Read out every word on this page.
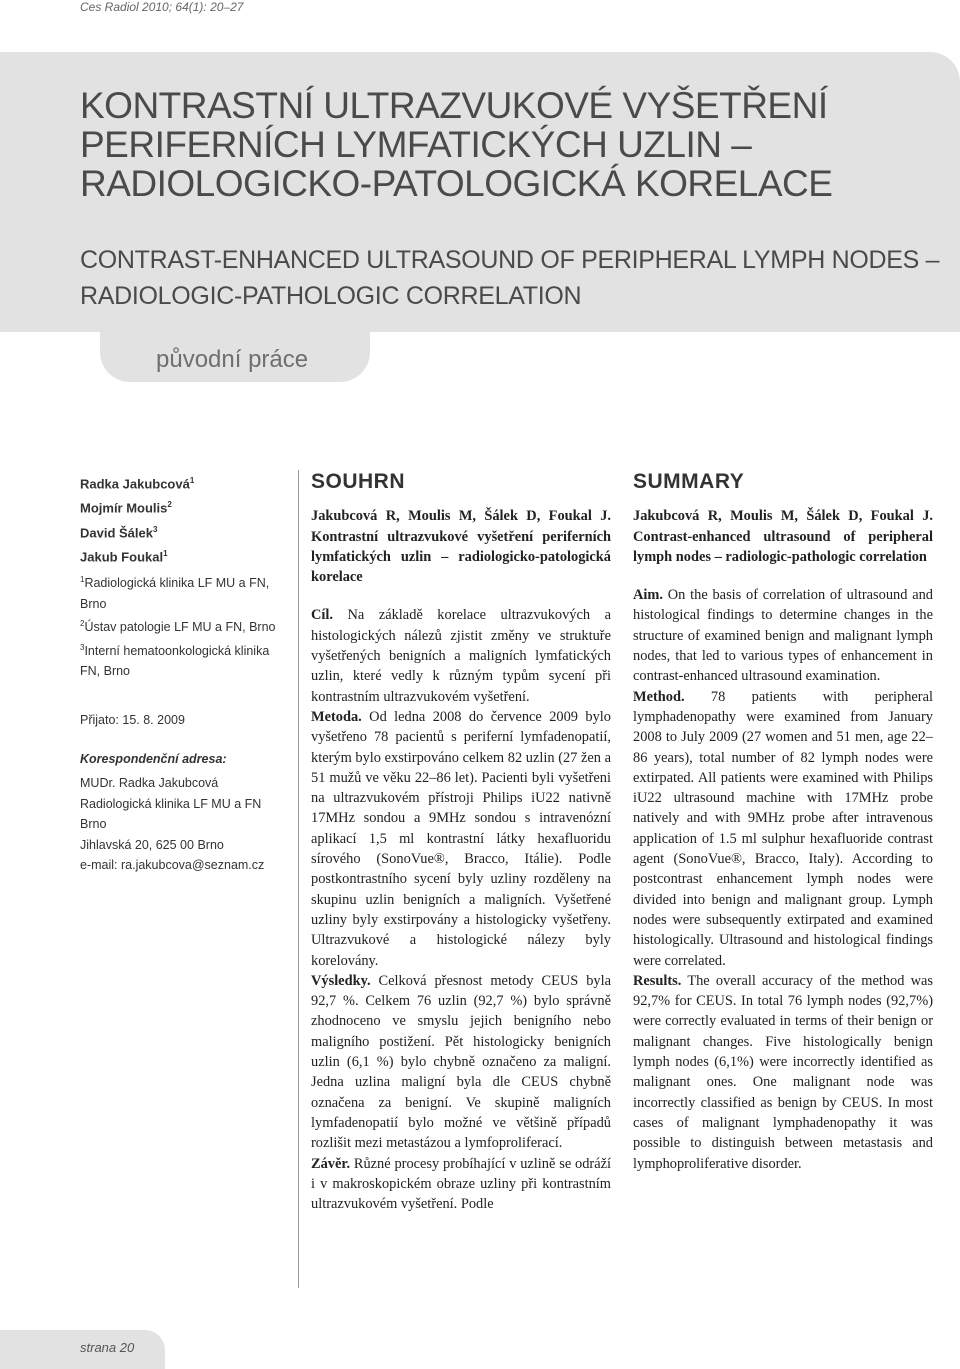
Ces Radiol 2010; 64(1): 20–27
původní práce
KONTRASTNÍ ULTRAZVUKOVÉ VYŠETŘENÍ
PERIFERNÍCH LYMFATICKÝCH UZLIN –
RADIOLOGICKO-PATOLOGICKÁ KORELACE
CONTRAST-ENHANCED ULTRASOUND OF PERIPHERAL LYMPH NODES –
RADIOLOGIC-PATHOLOGIC CORRELATION
Radka Jakubcová$^1$
Mojmír Moulis$^2$
David Šálek$^3$
Jakub Foukal$^1$

$^1$Radiologická klinika LF MU a FN, Brno

$^2$Ústav patologie LF MU a FN, Brno

$^3$Interní hematoonkologická klinika FN, Brno

Přijato: 15. 8. 2009
Korespondenční adresa:
MUDr. Radka Jakubcová
Radiologická klinika LF MU a FN
Brno
Jihlavská 20, 625 00 Brno
e-mail: ra.jakubcova@seznam.cz
SOUHRN
Jakubcová R, Moulis M, Šálek D, Foukal J. Kontrastní ultrazvukové vyšetření periferních lymfatických uzlin – radiologicko-patologická korelace

Cíl. Na základě korelace ultrazvukových a histologických nálezů zjistit změny ve struktuře vyšetřených benigních a maligních lymfatických uzlin, které vedly k různým typům sycení při kontrastním ultrazvukovém vyšetření.

Metoda. Od ledna 2008 do července 2009 bylo vyšetřeno 78 pacientů s periferní lymfadenopatií, kterým bylo exstirpováno celkem 82 uzlin (27 žen a 51 mužů ve věku 22–86 let). Pacienti byli vyšetřeni na ultrazvukovém přístroji Philips iU22 nativně 17MHz sondou a 9MHz sondou s intravenózní aplikací 1,5 ml kontrastní látky hexafluoridu sírového (SonoVue®, Bracco, Itálie). Podle postkontrastního sycení byly uzliny rozděleny na skupinu uzlin benigních a maligních. Vyšetřené uzliny byly exstirpovány a histologicky vyšetřeny. Ultrazvukové a histologické nálezy byly korelovány.

Výsledky. Celková přesnost metody CEUS byla 92,7 %. Celkem 76 uzlin (92,7 %) bylo správně zhodnoceno ve smyslu jejich benigního nebo maligního postižení. Pět histologicky benigních uzlin (6,1 %) bylo chybně označeno za maligní. Jedna uzlina maligní byla dle CEUS chybně označena za benigní. Ve skupině maligních lymfadenopatií bylo možné ve většině případů rozlišit mezi metastázou a lymfoproliferací.

Závěr. Různé procesy probíhající v uzlině se odráží i v makroskopickém obraze uzliny při kontrastním ultrazvukovém vyšetření. Podle

SUMMARY
Jakubcová R, Moulis M, Šálek D, Foukal J. Contrast-enhanced ultrasound of peripheral lymph nodes – radiologic-pathologic correlation

Aim. On the basis of correlation of ultrasound and histological findings to determine changes in the structure of examined benign and malignant lymph nodes, that led to various types of enhancement in contrast-enhanced ultrasound examination.

Method. 78 patients with peripheral lymphadenopathy were examined from January 2008 to July 2009 (27 women and 51 men, age 22–86 years), total number of 82 lymph nodes were extirpated. All patients were examined with Philips iU22 ultrasound machine with 17MHz probe natively and with 9MHz probe after intravenous application of 1.5 ml sulphur hexafluoride contrast agent (SonoVue®, Bracco, Italy). According to postcontrast enhancement lymph nodes were divided into benign and malignant group. Lymph nodes were subsequently extirpated and examined histologically. Ultrasound and histological findings were correlated.

Results. The overall accuracy of the method was 92,7% for CEUS. In total 76 lymph nodes (92,7%) were correctly evaluated in terms of their benign or malignant changes. Five histologically benign lymph nodes (6,1%) were incorrectly identified as malignant ones. One malignant node was incorrectly classified as benign by CEUS. In most cases of malignant lymphadenopathy it was possible to distinguish between metastasis and lymphoproliferative disorder.

strana 20
